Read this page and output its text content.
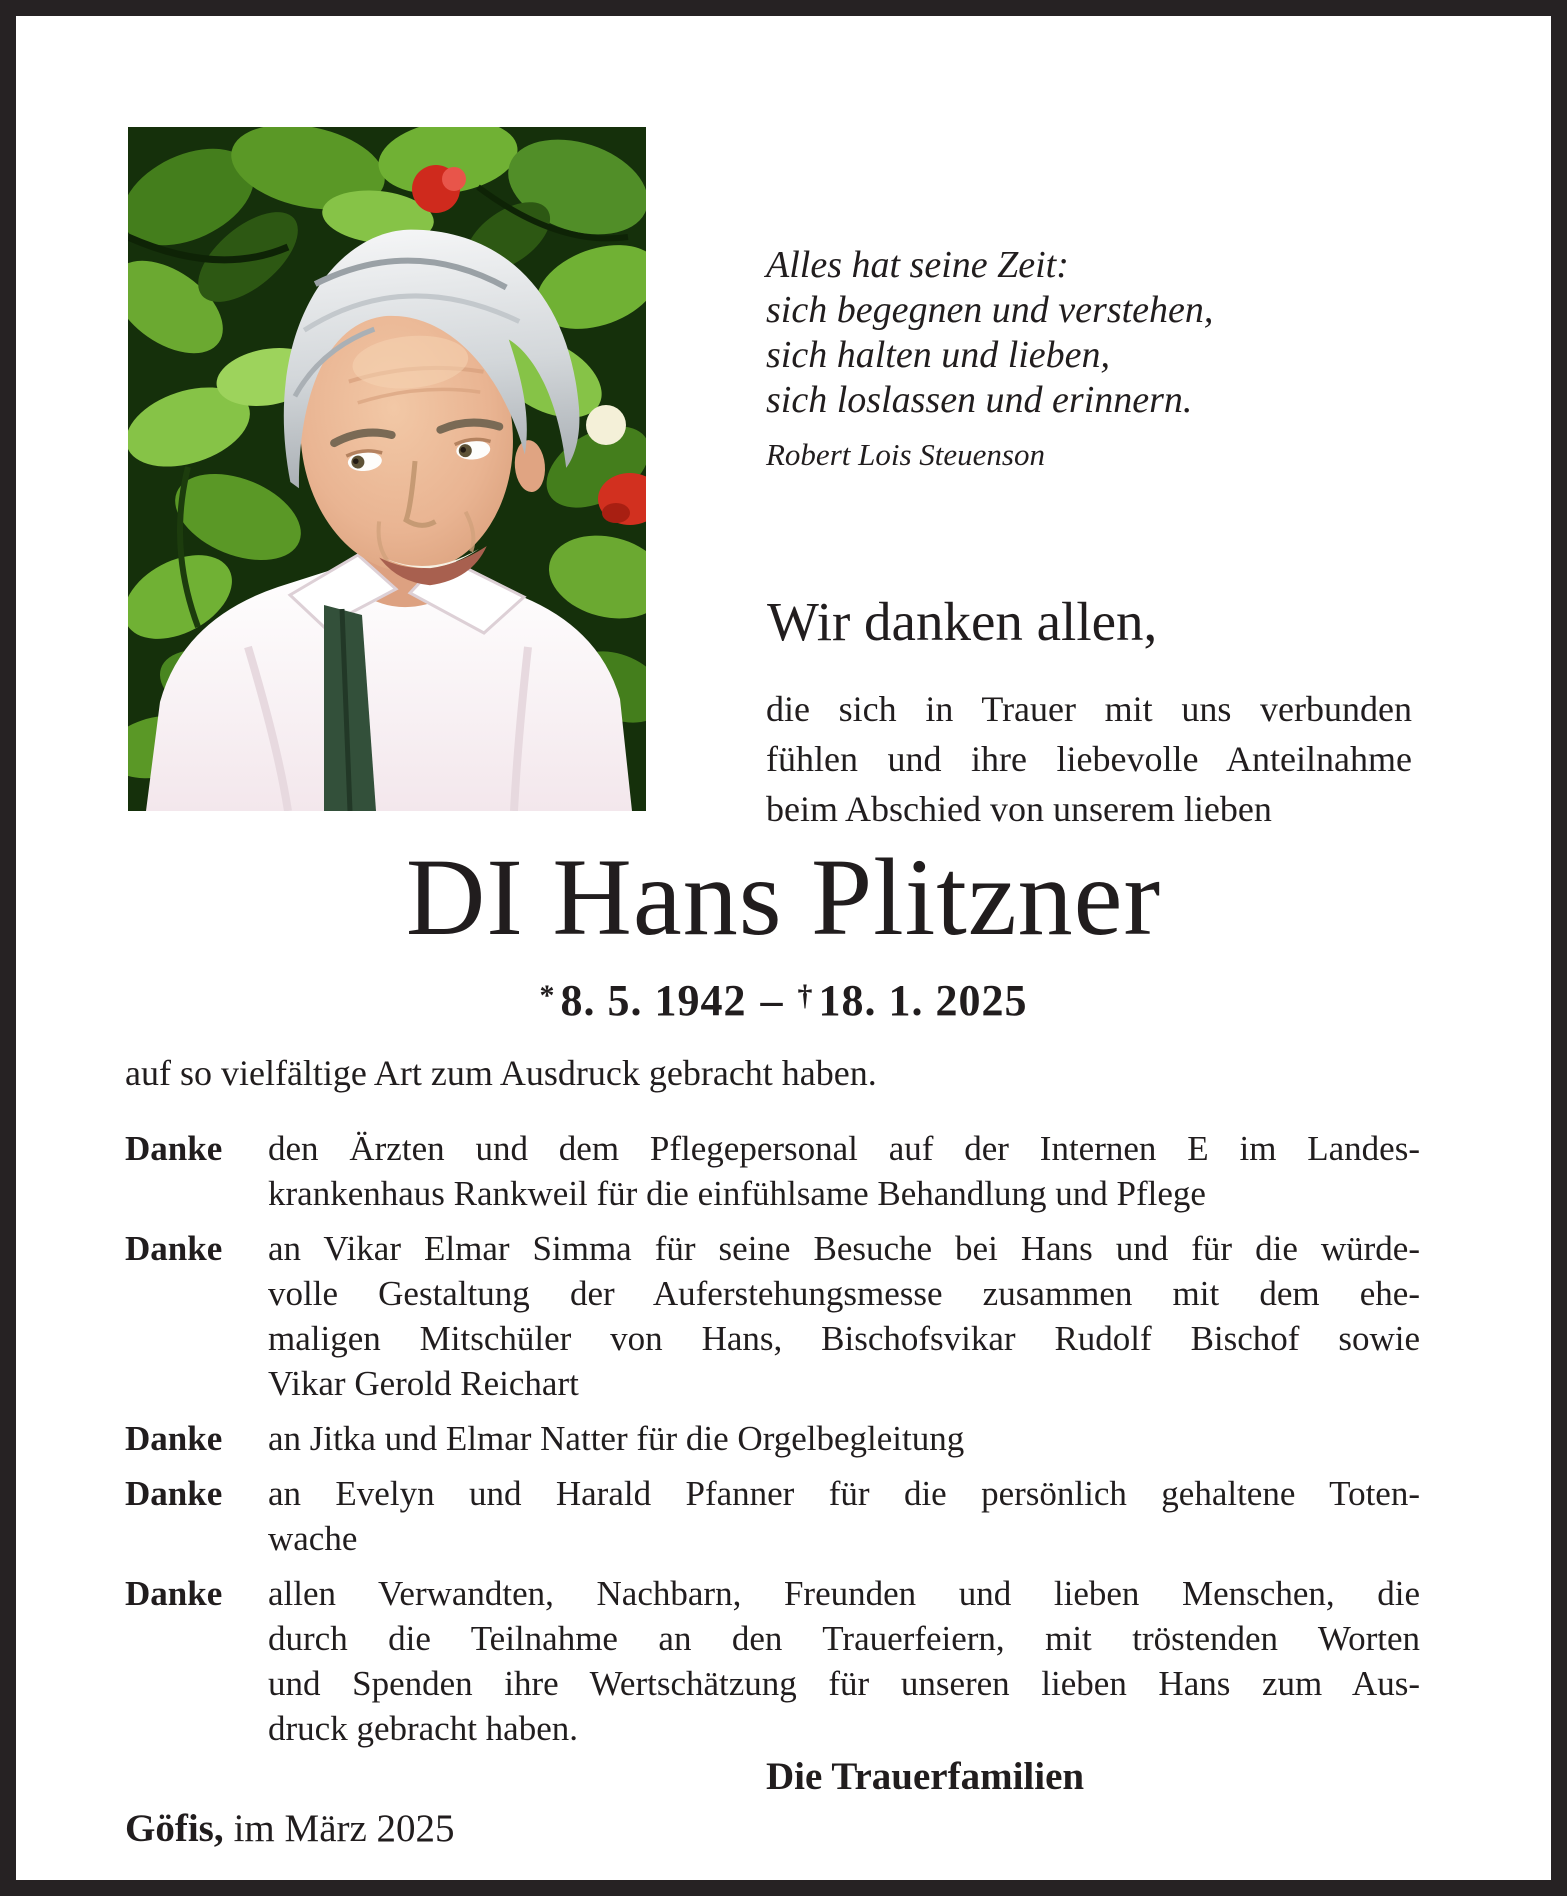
Alles hat seine Zeit:
sich begegnen und verstehen,
sich halten und lieben,
sich loslassen und erinnern.
Robert Lois Steuenson
Wir danken allen,
die sich in Trauer mit uns verbunden
fühlen und ihre liebevolle Anteilnahme
beim Abschied von unserem lieben
DI Hans Plitzner
* 8. 5. 1942 – † 18. 1. 2025
auf so vielfältige Art zum Ausdruck gebracht haben.
Danke	den Ärzten und dem Pflegepersonal auf der Internen E im Landes-
krankenhaus Rankweil für die einfühlsame Behandlung und Pflege
Danke	an Vikar Elmar Simma für seine Besuche bei Hans und für die würde-
volle Gestaltung der Auferstehungsmesse zusammen mit dem ehe-
maligen Mitschüler von Hans, Bischofsvikar Rudolf Bischof sowie
Vikar Gerold Reichart
Danke	an Jitka und Elmar Natter für die Orgelbegleitung
Danke	an Evelyn und Harald Pfanner für die persönlich gehaltene Toten-
wache
Danke	allen Verwandten, Nachbarn, Freunden und lieben Menschen, die
durch die Teilnahme an den Trauerfeiern, mit tröstenden Worten
und Spenden ihre Wertschätzung für unseren lieben Hans zum Aus-
druck gebracht haben.
Die Trauerfamilien
Göfis, im März 2025
